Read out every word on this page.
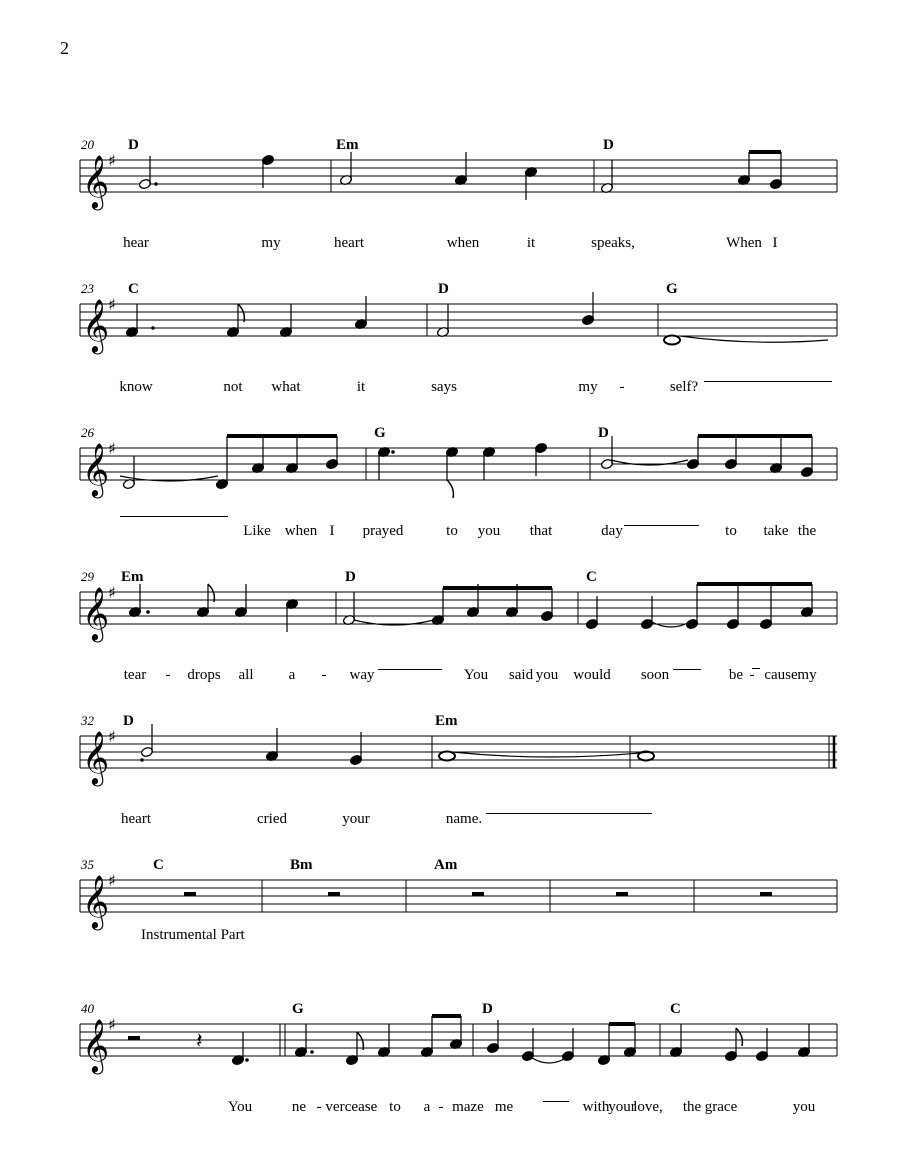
2
𝄞
♯
𝄞
♯
𝄞
♯
𝄞
♯
𝄞
♯
𝄞
♯
𝄞
♯
𝄽
20 D	Em	D
hear	my	heart	when	it	speaks,	When I
23 C	D	G
know	not what	it	says	my -	self?
26	G	D
Like when I prayed	to you that	day	to take the
29 Em	D	C
tear - drops all a - way	You said you would soon	be - cause my
32 D	Em
heart	cried	your	name.
35	C	Bm	Am
Instrumental Part
40	G	D	C
You	ne - ver cease to a - maze me	with
your
love, the grace	you
